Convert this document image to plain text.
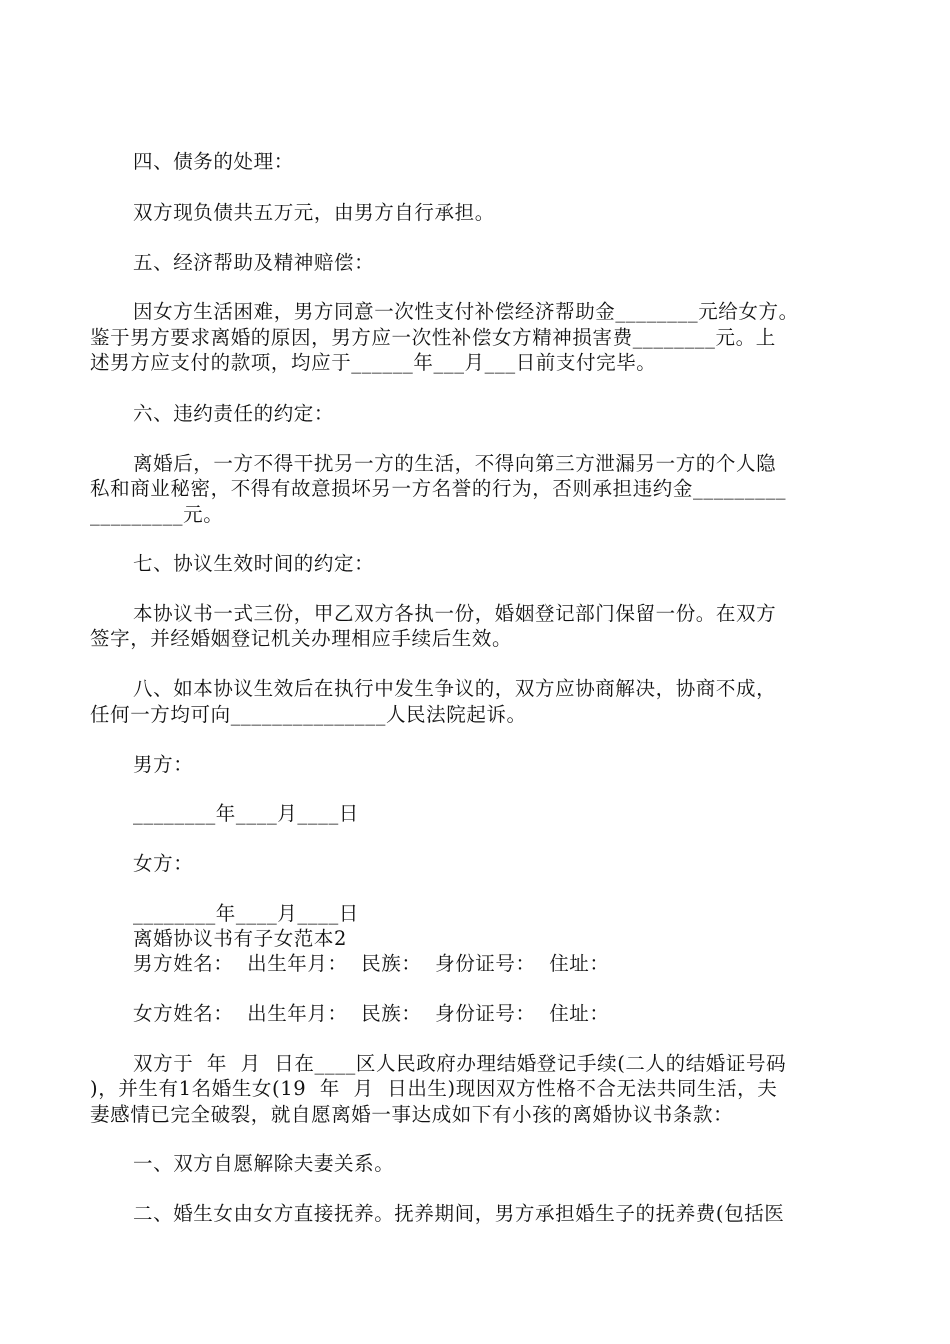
四、债务的处理：
双方现负债共五万元，由男方自行承担。
五、经济帮助及精神赔偿：
因女方生活困难，男方同意一次性支付补偿经济帮助金________元给女方。
鉴于男方要求离婚的原因，男方应一次性补偿女方精神损害费________元。上
述男方应支付的款项，均应于______年___月___日前支付完毕。
六、违约责任的约定：
离婚后，一方不得干扰另一方的生活，不得向第三方泄漏另一方的个人隐
私和商业秘密，不得有故意损坏另一方名誉的行为，否则承担违约金_________
_________元。
七、协议生效时间的约定：
本协议书一式三份，甲乙双方各执一份，婚姻登记部门保留一份。在双方
签字，并经婚姻登记机关办理相应手续后生效。
八、如本协议生效后在执行中发生争议的，双方应协商解决，协商不成，
任何一方均可向_______________人民法院起诉。
男方：
________年____月____日
女方：
________年____月____日
离婚协议书有子女范本2
男方姓名：  出生年月：  民族：  身份证号：  住址：
女方姓名：  出生年月：  民族：  身份证号：  住址：
双方于  年  月  日在____区人民政府办理结婚登记手续(二人的结婚证号码
)，并生有1名婚生女(19  年  月  日出生)现因双方性格不合无法共同生活，夫
妻感情已完全破裂，就自愿离婚一事达成如下有小孩的离婚协议书条款：
一、双方自愿解除夫妻关系。
二、婚生女由女方直接抚养。抚养期间，男方承担婚生子的抚养费(包括医
